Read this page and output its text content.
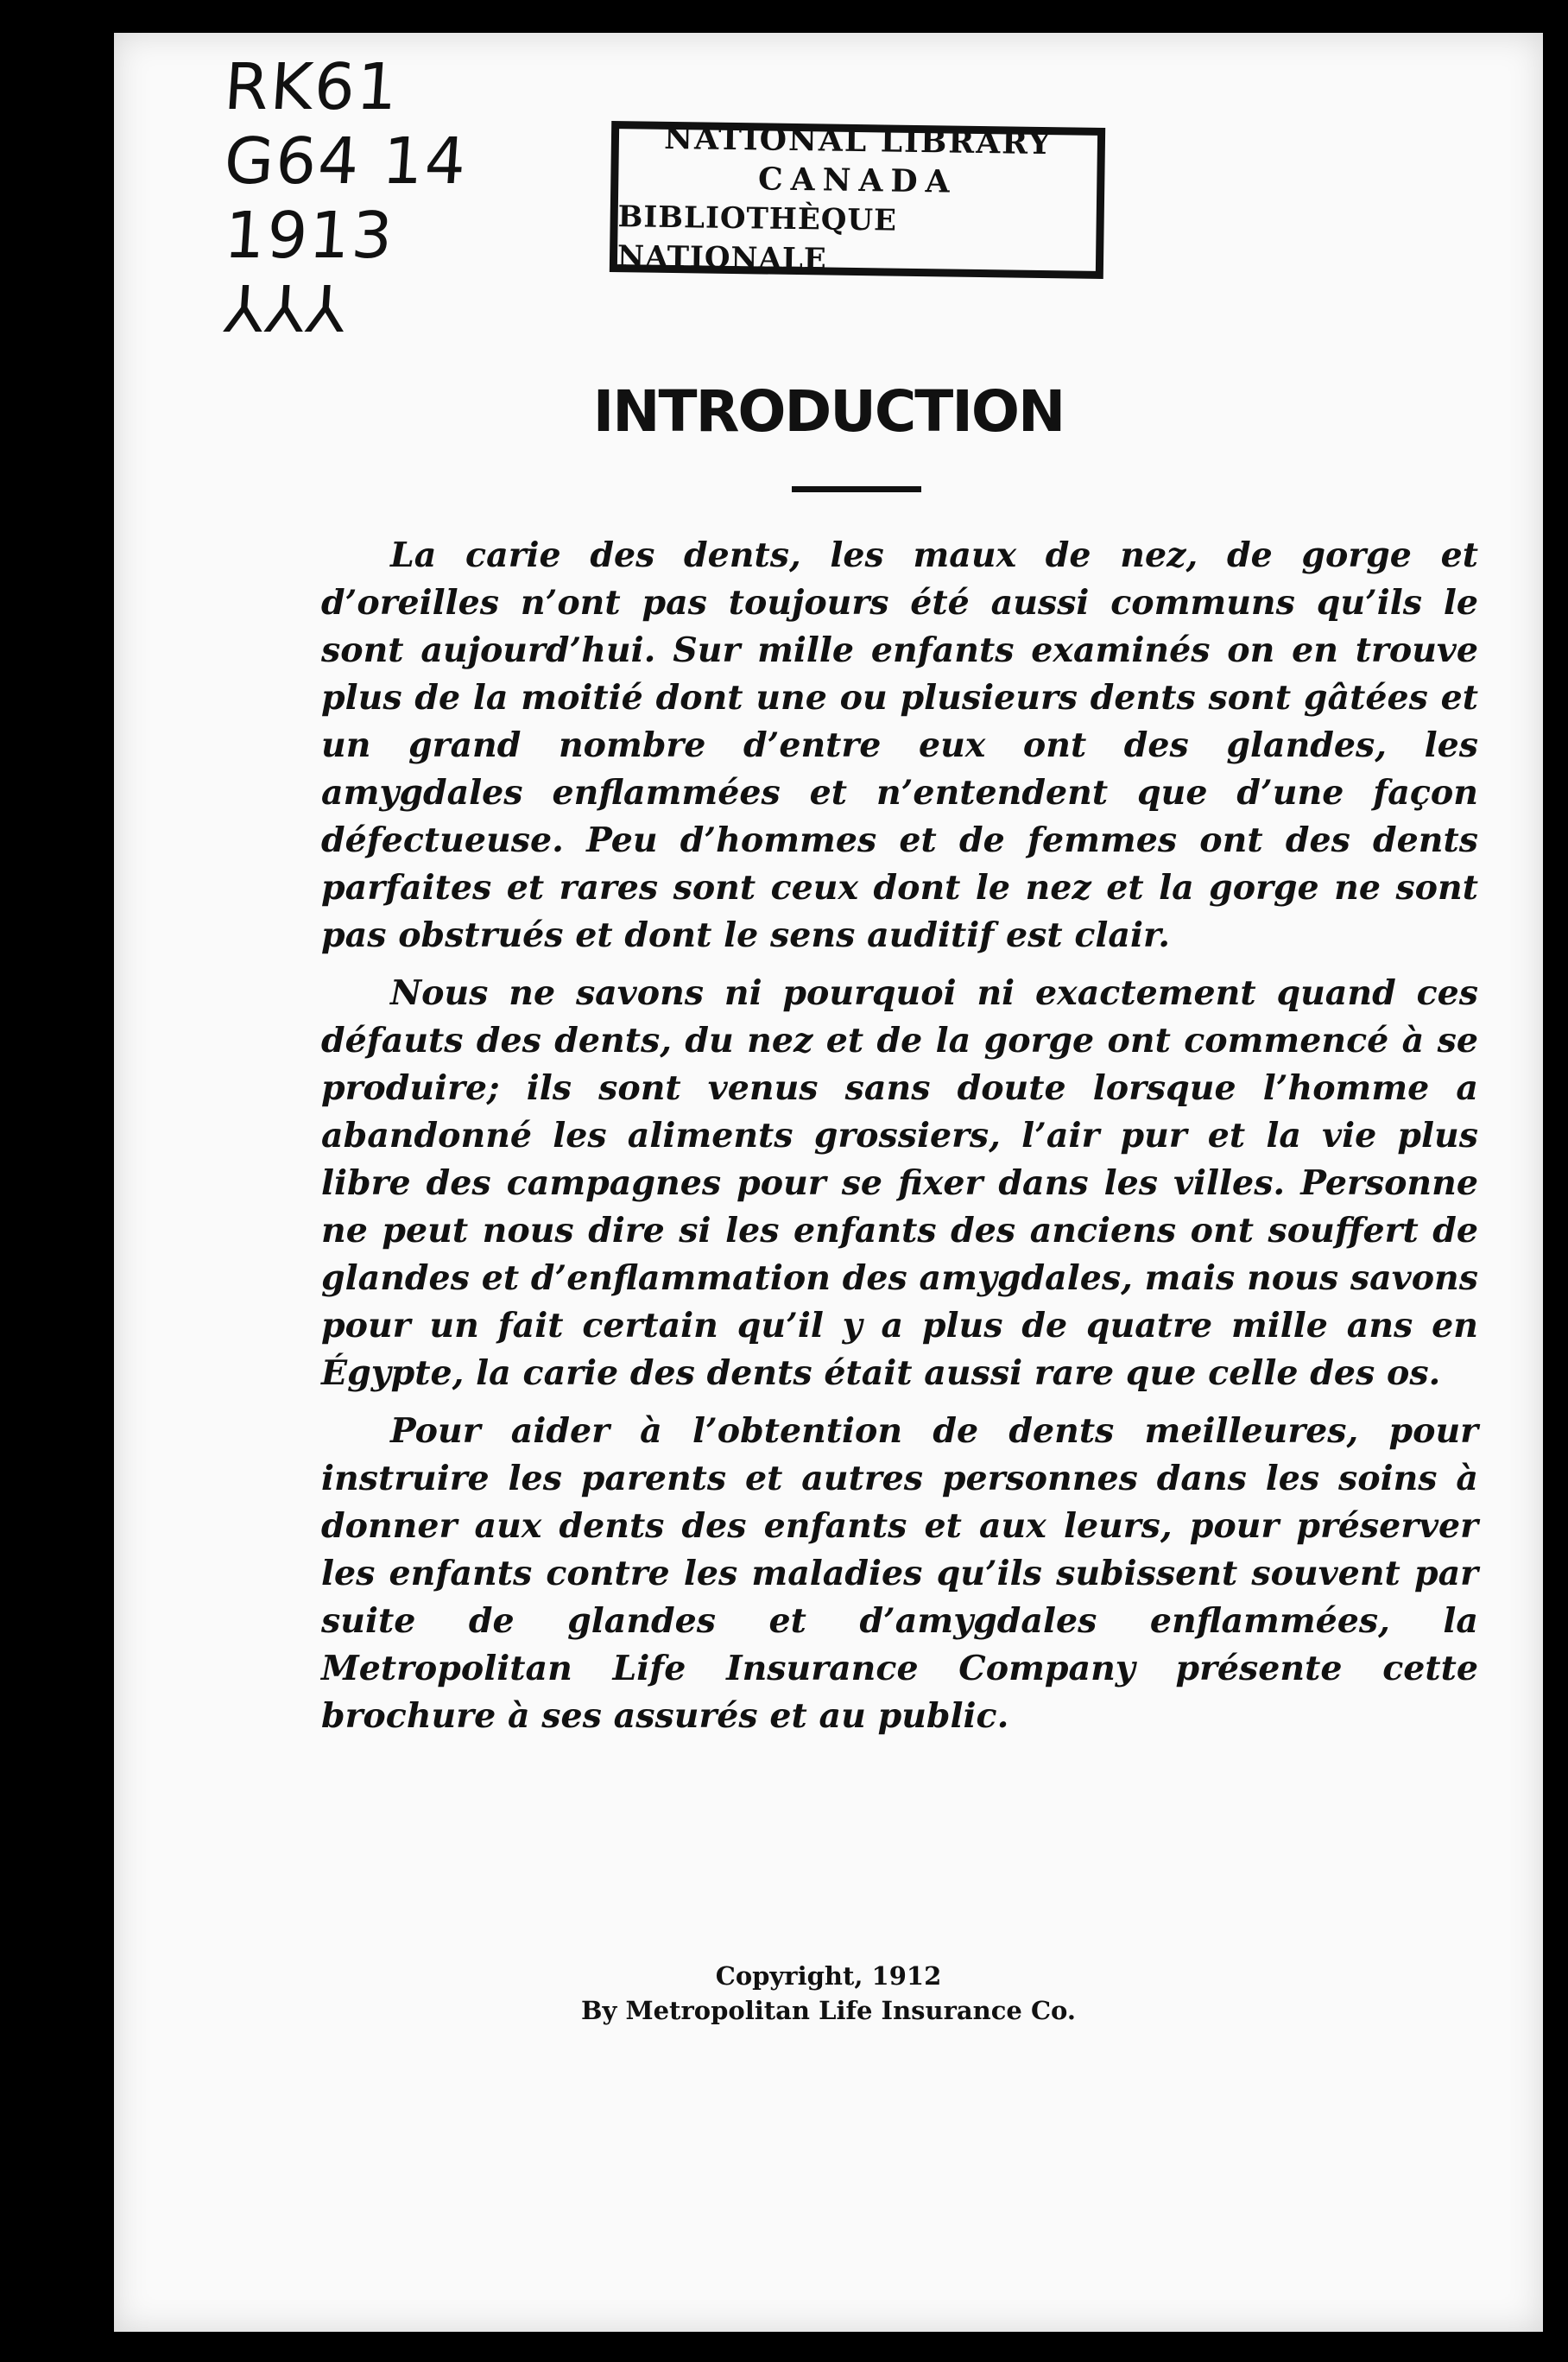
RK61
G64 14
1913
⅄⅄⅄
NATIONAL LIBRARY
CANADA
BIBLIOTHÈQUE NATIONALE
INTRODUCTION

La carie des dents, les maux de nez, de gorge et d’oreilles n’ont pas toujours été aussi communs qu’ils le sont aujourd’hui. Sur mille enfants examinés on en trouve plus de la moitié dont une ou plusieurs dents sont gâtées et un grand nombre d’entre eux ont des glandes, les amygdales enflammées et n’entendent que d’une façon défectueuse. Peu d’hommes et de femmes ont des dents parfaites et rares sont ceux dont le nez et la gorge ne sont pas obstrués et dont le sens auditif est clair.

Nous ne savons ni pourquoi ni exactement quand ces défauts des dents, du nez et de la gorge ont commencé à se produire; ils sont venus sans doute lorsque l’homme a abandonné les aliments grossiers, l’air pur et la vie plus libre des campagnes pour se fixer dans les villes. Personne ne peut nous dire si les enfants des anciens ont souffert de glandes et d’enflammation des amygdales, mais nous savons pour un fait certain qu’il y a plus de quatre mille ans en Égypte, la carie des dents était aussi rare que celle des os.

Pour aider à l’obtention de dents meilleures, pour instruire les parents et autres personnes dans les soins à donner aux dents des enfants et aux leurs, pour préserver les enfants contre les maladies qu’ils subissent souvent par suite de glandes et d’amygdales enflammées, la Metropolitan Life Insurance Company présente cette brochure à ses assurés et au public.

Copyright, 1912
By Metropolitan Life Insurance Co.
